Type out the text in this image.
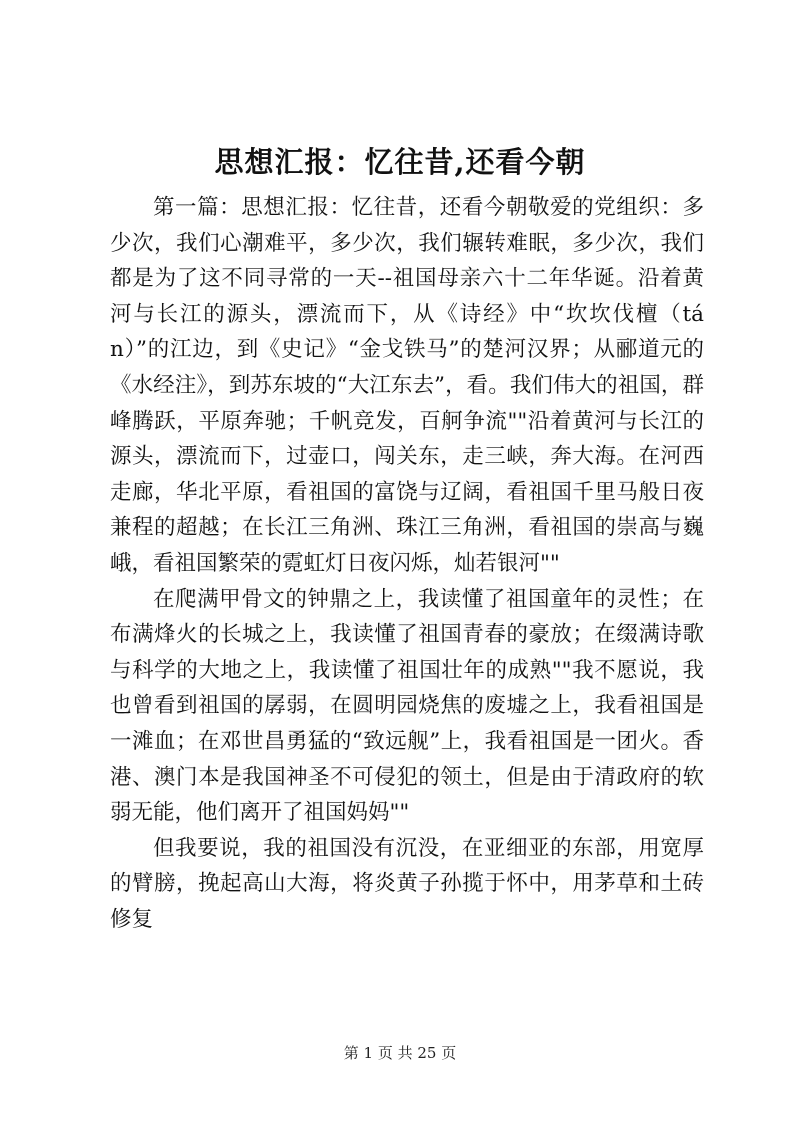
思想汇报：忆往昔,还看今朝

第一篇：思想汇报：忆往昔，还看今朝敬爱的党组织：多少次，我们心潮难平，多少次，我们辗转难眠，多少次，我们都是为了这不同寻常的一天--祖国母亲六十二年华诞。沿着黄河与长江的源头，漂流而下，从《诗经》中“坎坎伐檀（tán）”的江边，到《史记》“金戈铁马”的楚河汉界；从郦道元的《水经注》，到苏东坡的“大江东去”，看。我们伟大的祖国，群峰腾跃，平原奔驰；千帆竞发，百舸争流""沿着黄河与长江的源头，漂流而下，过壶口，闯关东，走三峡，奔大海。在河西走廊，华北平原，看祖国的富饶与辽阔，看祖国千里马般日夜兼程的超越；在长江三角洲、珠江三角洲，看祖国的崇高与巍峨，看祖国繁荣的霓虹灯日夜闪烁，灿若银河""

在爬满甲骨文的钟鼎之上，我读懂了祖国童年的灵性；在布满烽火的长城之上，我读懂了祖国青春的豪放；在缀满诗歌与科学的大地之上，我读懂了祖国壮年的成熟""我不愿说，我也曾看到祖国的孱弱，在圆明园烧焦的废墟之上，我看祖国是一滩血；在邓世昌勇猛的“致远舰”上，我看祖国是一团火。香港、澳门本是我国神圣不可侵犯的领土，但是由于清政府的软弱无能，他们离开了祖国妈妈""

但我要说，我的祖国没有沉没，在亚细亚的东部，用宽厚的臂膀，挽起高山大海，将炎黄子孙揽于怀中，用茅草和土砖修复

第 1 页 共 25 页
